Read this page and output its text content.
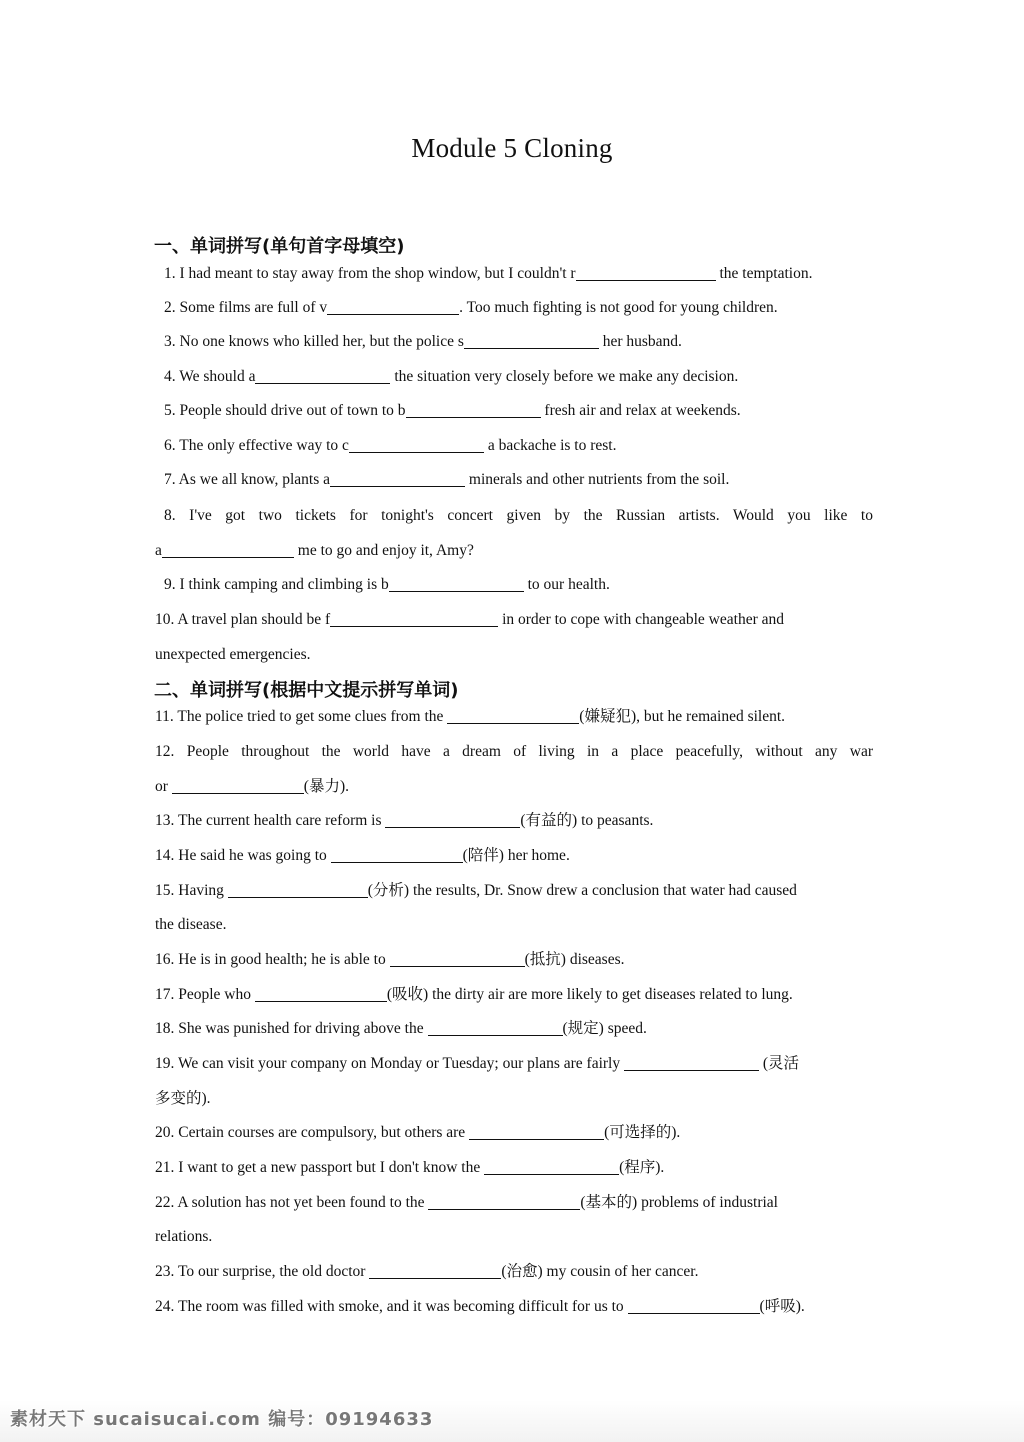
Module 5 Cloning
一、单词拼写(单句首字母填空)
1. I had meant to stay away from the shop window, but I couldn't r	the temptation.
2. Some films are full of v	. Too much fighting is not good for young children.
3. No one knows who killed her, but the police s	her husband.
4. We should a	the situation very closely before we make any decision.
5. People should drive out of town to b	fresh air and relax at weekends.
6. The only effective way to c	a backache is to rest.
7. As we all know, plants a	minerals and other nutrients from the soil.
8. I've got two tickets for tonight's concert given by the Russian artists. Would you like to
a	me to go and enjoy it, Amy?
9. I think camping and climbing is b	to our health.
10. A travel plan should be f	in order to cope with changeable weather and
unexpected emergencies.
二、单词拼写(根据中文提示拼写单词)
11. The police tried to get some clues from the	(嫌疑犯), but he remained silent.
12. People throughout the world have a dream of living in a place peacefully, without any war
or	(暴力).
13. The current health care reform is	(有益的) to peasants.
14. He said he was going to	(陪伴) her home.
15. Having	(分析) the results, Dr. Snow drew a conclusion that water had caused
the disease.
16. He is in good health; he is able to	(抵抗) diseases.
17. People who	(吸收) the dirty air are more likely to get diseases related to lung.
18. She was punished for driving above the	(规定) speed.
19. We can visit your company on Monday or Tuesday; our plans are fairly	(灵活
多变的).
20. Certain courses are compulsory, but others are	(可选择的).
21. I want to get a new passport but I don't know the	(程序).
22. A solution has not yet been found to the	(基本的) problems of industrial
relations.
23. To our surprise, the old doctor	(治愈) my cousin of her cancer.
24. The room was filled with smoke, and it was becoming difficult for us to	(呼吸).
素材天下 sucaisucai.com 编号：09194633
